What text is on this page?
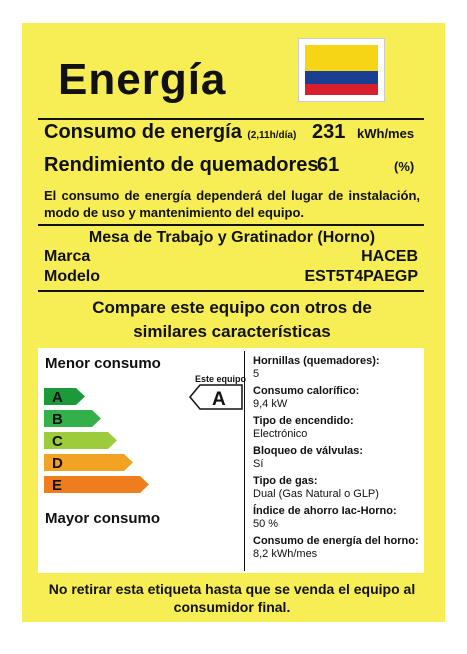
Energía
Consumo de energía (2,11h/día) 231 kWh/mes
Rendimiento de quemadores
61	(%)
El consumo de energía dependerá del lugar de instalación, modo de uso y mantenimiento del equipo.
Mesa de Trabajo y Gratinador (Horno)
Marca	HACEB
Modelo	EST5T4PAEGP
Compare este equipo con otros de
similares características
Menor consumo
Mayor consumo
A
B
C
D
E
Este equipo
A
Hornillas (quemadores):
5
Consumo calorífico:
9,4 kW
Tipo de encendido:
Electrónico
Bloqueo de válvulas:
Sí
Tipo de gas:
Dual (Gas Natural o GLP)
Índice de ahorro Iac-Horno:
50 %
Consumo de energía del horno:
8,2 kWh/mes
No retirar esta etiqueta hasta que se venda el equipo al
consumidor final.
